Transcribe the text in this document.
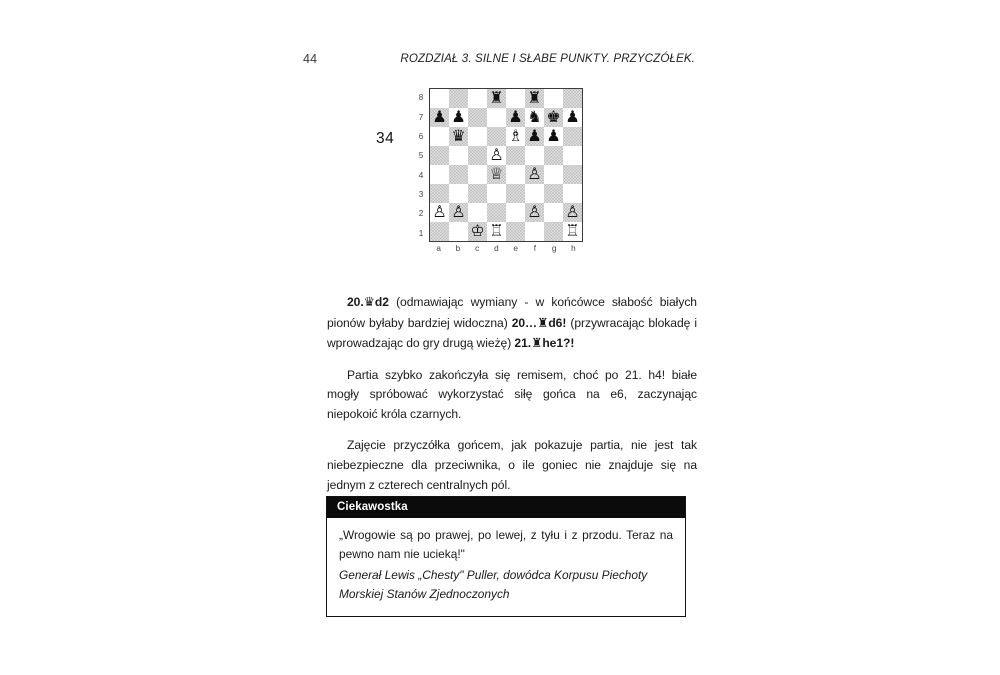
44	ROZDZIAŁ 3. SILNE I SŁABE PUNKTY. PRZYCZÓŁEK.
34
8
7
6
5
4
3
2
1
♜ ♜
♟ ♟	♟ ♞ ♚ ♟
♛	♗ ♟ ♟
♙
♕ ♙
♙ ♙	♙ ♙
♔ ♖	♖
a	b	c	d	e	f	g	h

20.♛d2 (odmawiając wymiany - w końcówce słabość białych pionów byłaby bardziej widoczna) 20…♜d6! (przywracając blokadę i wprowadzając do gry drugą wieżę) 21.♜he1?!

Partia szybko zakończyła się remisem, choć po 21. h4! białe mogły spróbować wykorzystać siłę gońca na e6, zaczynając niepokoić króla czarnych.

Zajęcie przyczółka gońcem, jak pokazuje partia, nie jest tak niebezpieczne dla przeciwnika, o ile goniec nie znajduje się na jednym z czterech centralnych pól.

Ciekawostka

„Wrogowie są po prawej, po lewej, z tyłu i z przodu. Teraz na pewno nam nie ucieką!"

Generał Lewis „Chesty" Puller, dowódca Korpusu Piechoty Morskiej Stanów Zjednoczonych
